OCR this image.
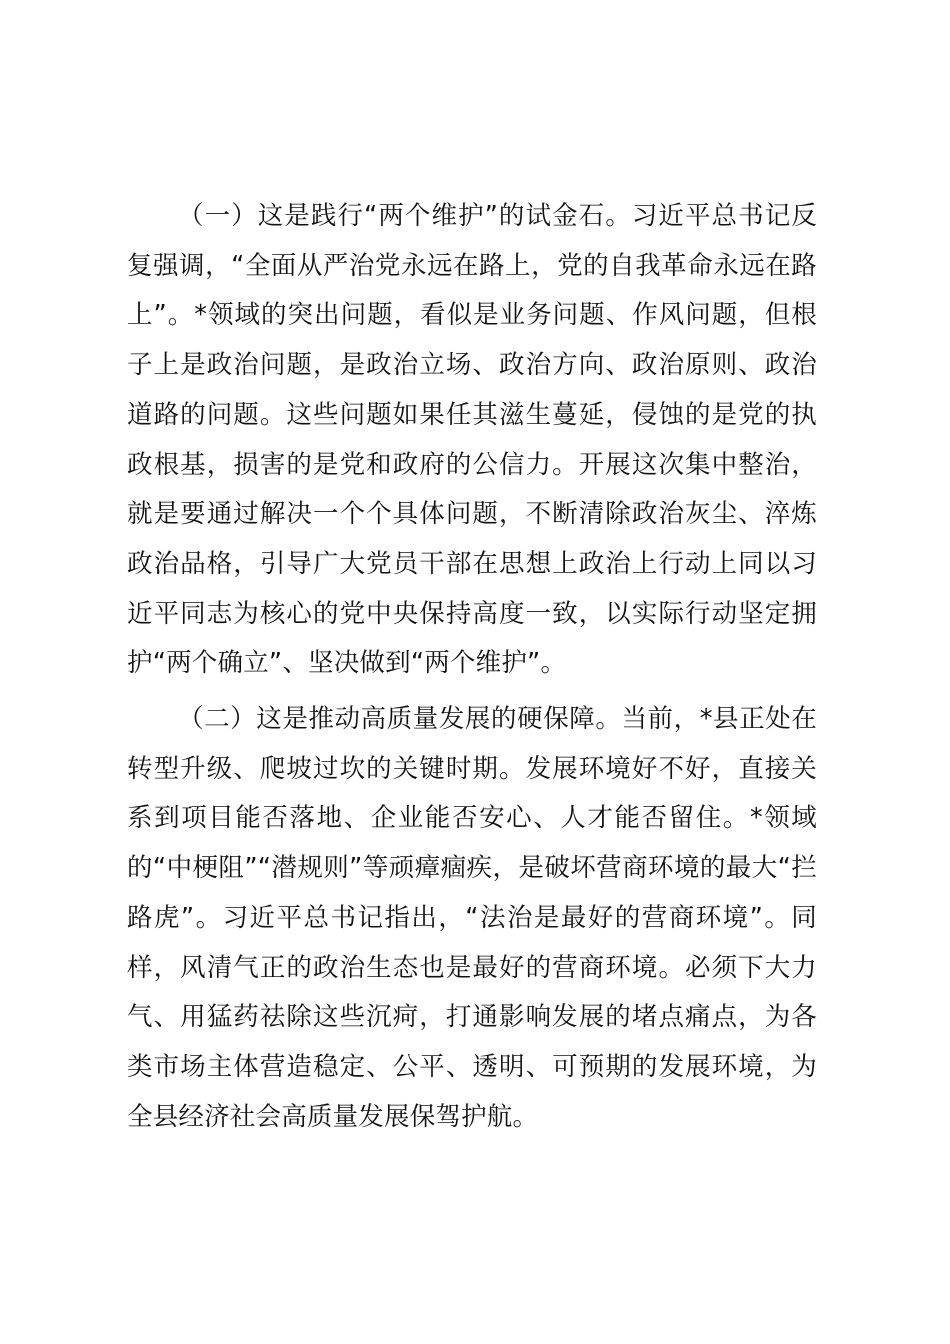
（一）这是践行“两个维护”的试金石。习近平总书记反复强调，“全面从严治党永远在路上，党的自我革命永远在路上”。*领域的突出问题，看似是业务问题、作风问题，但根子上是政治问题，是政治立场、政治方向、政治原则、政治道路的问题。这些问题如果任其滋生蔓延，侵蚀的是党的执政根基，损害的是党和政府的公信力。开展这次集中整治，就是要通过解决一个个具体问题，不断清除政治灰尘、淬炼政治品格，引导广大党员干部在思想上政治上行动上同以习近平同志为核心的党中央保持高度一致，以实际行动坚定拥护“两个确立”、坚决做到“两个维护”。

（二）这是推动高质量发展的硬保障。当前，*县正处在转型升级、爬坡过坎的关键时期。发展环境好不好，直接关系到项目能否落地、企业能否安心、人才能否留住。*领域的“中梗阻”“潜规则”等顽瘴痼疾，是破坏营商环境的最大“拦路虎”。习近平总书记指出，“法治是最好的营商环境”。同样，风清气正的政治生态也是最好的营商环境。必须下大力气、用猛药祛除这些沉疴，打通影响发展的堵点痛点，为各类市场主体营造稳定、公平、透明、可预期的发展环境，为全县经济社会高质量发展保驾护航。
